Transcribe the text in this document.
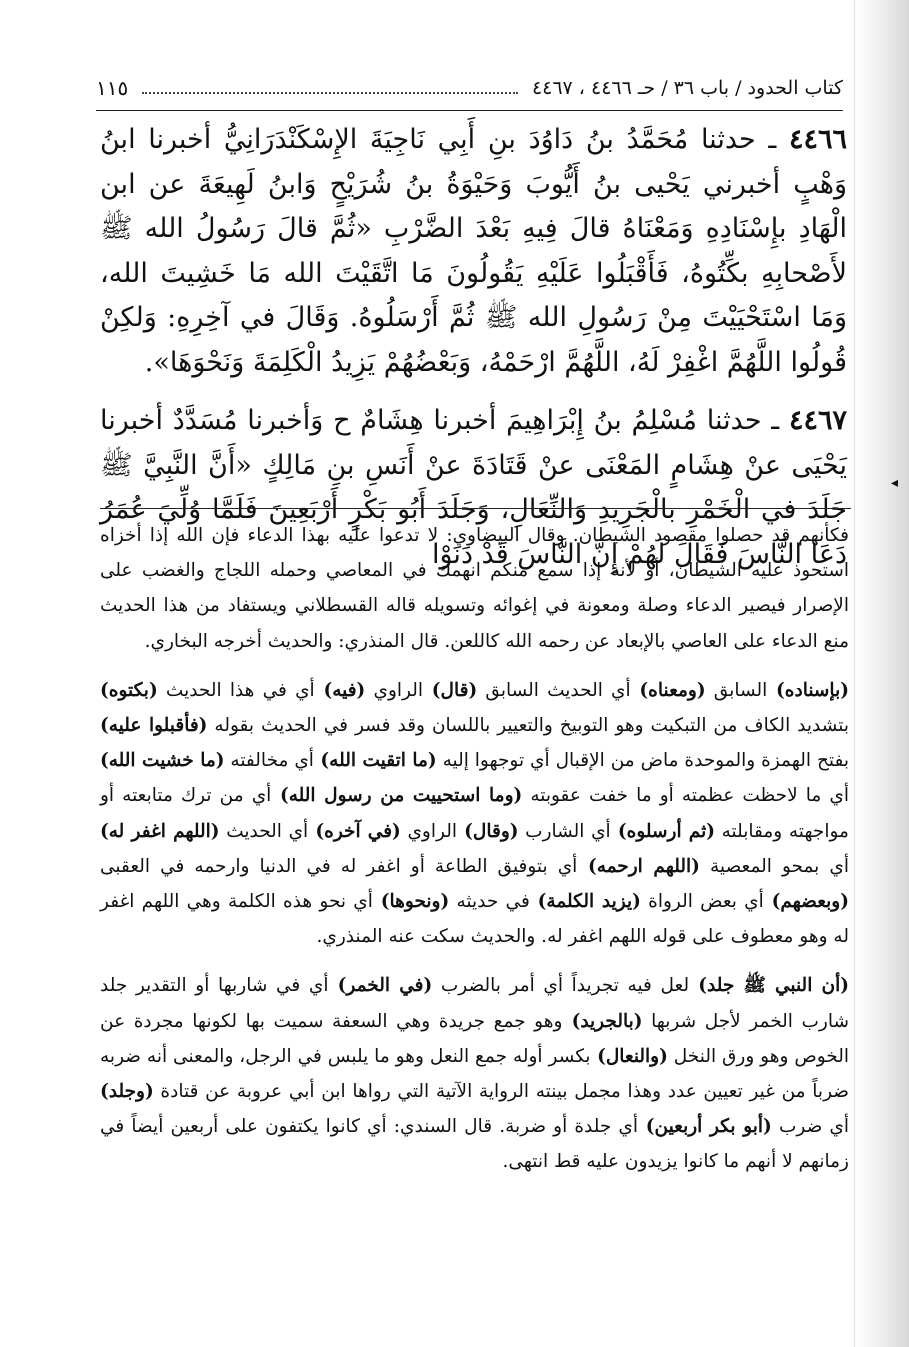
كتاب الحدود / باب ٣٦ / حـ ٤٤٦٦ ، ٤٤٦٧
١١٥

٤٤٦٦ ـ حدثنا مُحَمَّدُ بنُ دَاوُدَ بنِ أَبِي نَاجِيَةَ الإِسْكَنْدَرَانِيُّ أخبرنا ابنُ وَهْبٍ أخبرني يَحْيى بنُ أَيُّوبَ وَحَيْوَةُ بنُ شُرَيْحٍ وَابنُ لَهِيعَةَ عن ابن الْهَادِ بإِسْنَادِهِ وَمَعْنَاهُ قالَ فِيهِ بَعْدَ الضَّرْبِ «ثُمَّ قالَ رَسُولُ الله ﷺ لأَصْحابِهِ بكِّتُوهُ، فَأَقْبَلُوا عَلَيْهِ يَقُولُونَ مَا اتَّقَيْتَ الله مَا خَشِيتَ الله، وَمَا اسْتَحْيَيْتَ مِنْ رَسُولِ الله ﷺ ثُمَّ أَرْسَلُوهُ. وَقَالَ في آخِرِهِ: وَلكِنْ قُولُوا اللَّهُمَّ اغْفِرْ لَهُ، اللَّهُمَّ ارْحَمْهُ، وَبَعْضُهُمْ يَزِيدُ الْكَلِمَةَ وَنَحْوَهَا».

٤٤٦٧ ـ حدثنا مُسْلِمُ بنُ إِبْرَاهِيمَ أخبرنا هِشَامٌ ح وَأخبرنا مُسَدَّدٌ أخبرنا يَحْيَى عنْ هِشَامٍ المَعْنَى عنْ قَتَادَةَ عنْ أَنَسِ بنِ مَالِكٍ «أَنَّ النَّبِيَّ ﷺ جَلَدَ في الْخَمْرِ بالْجَرِيدِ وَالنِّعَالِ، وَجَلَدَ أَبُو بَكْرٍ أَرْبَعِينَ فَلَمَّا وُلِّيَ عُمَرُ دَعَا النَّاسَ فَقَالَ لَهُمْ إِنَّ النَّاسَ قَدْ دَنَوْا

◂

فكأنهم قد حصلوا مقصود الشيطان. وقال البيضاوي: لا تدعوا عليه بهذا الدعاء فإن الله إذا أخزاه استحوذ عليه الشيطان، أو لأنه إذا سمع منكم انهمك في المعاصي وحمله اللجاج والغضب على الإصرار فيصير الدعاء وصلة ومعونة في إغوائه وتسويله قاله القسطلاني ويستفاد من هذا الحديث منع الدعاء على العاصي بالإبعاد عن رحمه الله كاللعن. قال المنذري: والحديث أخرجه البخاري.

(بإسناده) السابق (ومعناه) أي الحديث السابق (قال) الراوي (فيه) أي في هذا الحديث (بكتوه) بتشديد الكاف من التبكيت وهو التوبيخ والتعيير باللسان وقد فسر في الحديث بقوله (فأقبلوا عليه) بفتح الهمزة والموحدة ماض من الإقبال أي توجهوا إليه (ما اتقيت الله) أي مخالفته (ما خشيت الله) أي ما لاحظت عظمته أو ما خفت عقوبته (وما استحييت من رسول الله) أي من ترك متابعته أو مواجهته ومقابلته (ثم أرسلوه) أي الشارب (وقال) الراوي (في آخره) أي الحديث (اللهم اغفر له) أي بمحو المعصية (اللهم ارحمه) أي بتوفيق الطاعة أو اغفر له في الدنيا وارحمه في العقبى (وبعضهم) أي بعض الرواة (يزيد الكلمة) في حديثه (ونحوها) أي نحو هذه الكلمة وهي اللهم اغفر له وهو معطوف على قوله اللهم اغفر له. والحديث سكت عنه المنذري.

(أن النبي ﷺ جلد) لعل فيه تجريداً أي أمر بالضرب (في الخمر) أي في شاربها أو التقدير جلد شارب الخمر لأجل شربها (بالجريد) وهو جمع جريدة وهي السعفة سميت بها لكونها مجردة عن الخوص وهو ورق النخل (والنعال) بكسر أوله جمع النعل وهو ما يلبس في الرجل، والمعنى أنه ضربه ضرباً من غير تعيين عدد وهذا مجمل بينته الرواية الآتية التي رواها ابن أبي عروبة عن قتادة (وجلد) أي ضرب (أبو بكر أربعين) أي جلدة أو ضربة. قال السندي: أي كانوا يكتفون على أربعين أيضاً في زمانهم لا أنهم ما كانوا يزيدون عليه قط انتهى.
